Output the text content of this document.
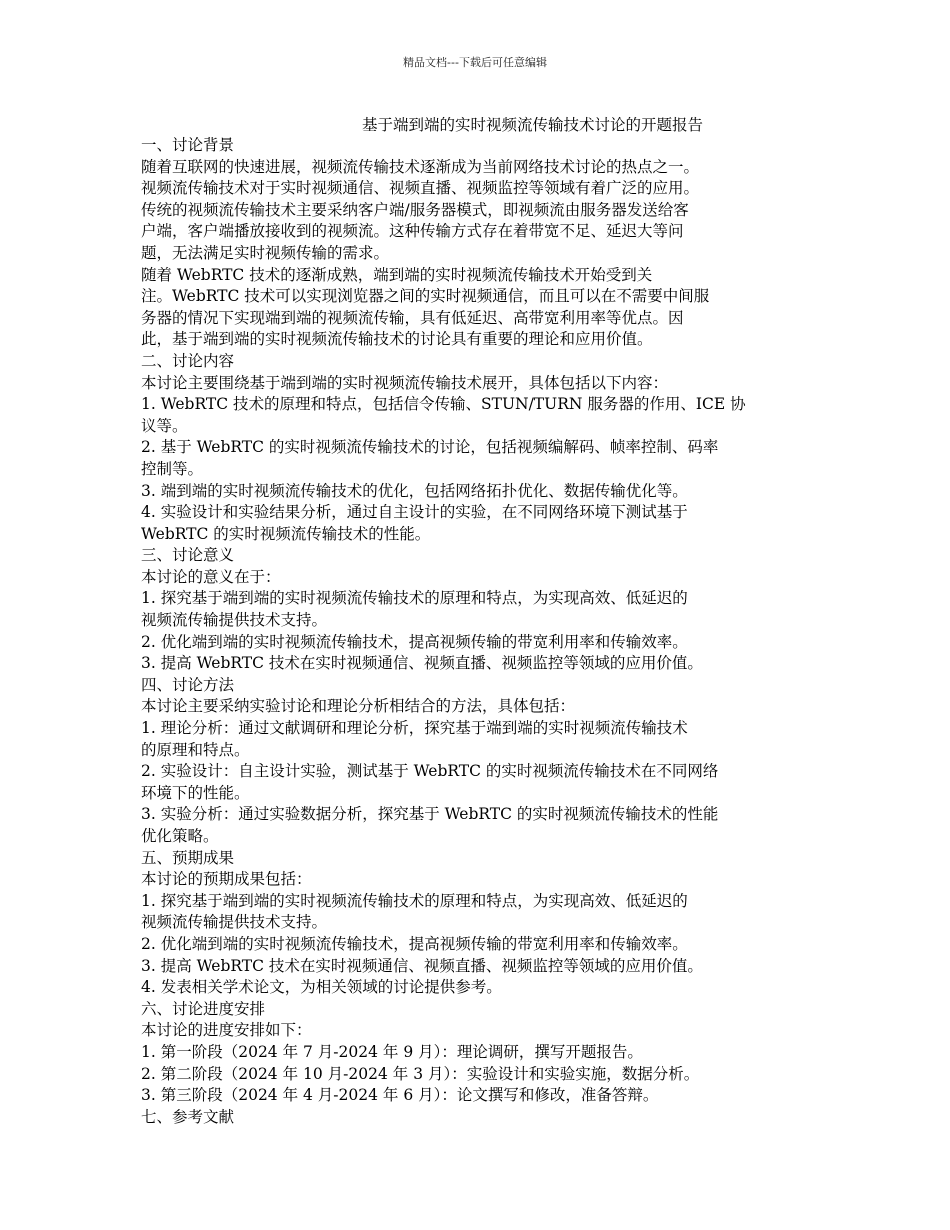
精品文档---下载后可任意编辑
基于端到端的实时视频流传输技术讨论的开题报告

一、讨论背景

随着互联网的快速进展，视频流传输技术逐渐成为当前网络技术讨论的热点之一。

视频流传输技术对于实时视频通信、视频直播、视频监控等领域有着广泛的应用。

传统的视频流传输技术主要采纳客户端/服务器模式，即视频流由服务器发送给客

户端，客户端播放接收到的视频流。这种传输方式存在着带宽不足、延迟大等问

题，无法满足实时视频传输的需求。

随着 WebRTC 技术的逐渐成熟，端到端的实时视频流传输技术开始受到关

注。WebRTC 技术可以实现浏览器之间的实时视频通信，而且可以在不需要中间服

务器的情况下实现端到端的视频流传输，具有低延迟、高带宽利用率等优点。因

此，基于端到端的实时视频流传输技术的讨论具有重要的理论和应用价值。

二、讨论内容

本讨论主要围绕基于端到端的实时视频流传输技术展开，具体包括以下内容：

1. WebRTC 技术的原理和特点，包括信令传输、STUN/TURN 服务器的作用、ICE 协

议等。

2. 基于 WebRTC 的实时视频流传输技术的讨论，包括视频编解码、帧率控制、码率

控制等。

3. 端到端的实时视频流传输技术的优化，包括网络拓扑优化、数据传输优化等。

4. 实验设计和实验结果分析，通过自主设计的实验，在不同网络环境下测试基于

WebRTC 的实时视频流传输技术的性能。

三、讨论意义

本讨论的意义在于：

1. 探究基于端到端的实时视频流传输技术的原理和特点，为实现高效、低延迟的

视频流传输提供技术支持。

2. 优化端到端的实时视频流传输技术，提高视频传输的带宽利用率和传输效率。

3. 提高 WebRTC 技术在实时视频通信、视频直播、视频监控等领域的应用价值。

四、讨论方法

本讨论主要采纳实验讨论和理论分析相结合的方法，具体包括：

1. 理论分析：通过文献调研和理论分析，探究基于端到端的实时视频流传输技术

的原理和特点。

2. 实验设计：自主设计实验，测试基于 WebRTC 的实时视频流传输技术在不同网络

环境下的性能。

3. 实验分析：通过实验数据分析，探究基于 WebRTC 的实时视频流传输技术的性能

优化策略。

五、预期成果

本讨论的预期成果包括：

1. 探究基于端到端的实时视频流传输技术的原理和特点，为实现高效、低延迟的

视频流传输提供技术支持。

2. 优化端到端的实时视频流传输技术，提高视频传输的带宽利用率和传输效率。

3. 提高 WebRTC 技术在实时视频通信、视频直播、视频监控等领域的应用价值。

4. 发表相关学术论文，为相关领域的讨论提供参考。

六、讨论进度安排

本讨论的进度安排如下：

1. 第一阶段（2024 年 7 月-2024 年 9 月）：理论调研，撰写开题报告。

2. 第二阶段（2024 年 10 月-2024 年 3 月）：实验设计和实验实施，数据分析。

3. 第三阶段（2024 年 4 月-2024 年 6 月）：论文撰写和修改，准备答辩。

七、参考文献
